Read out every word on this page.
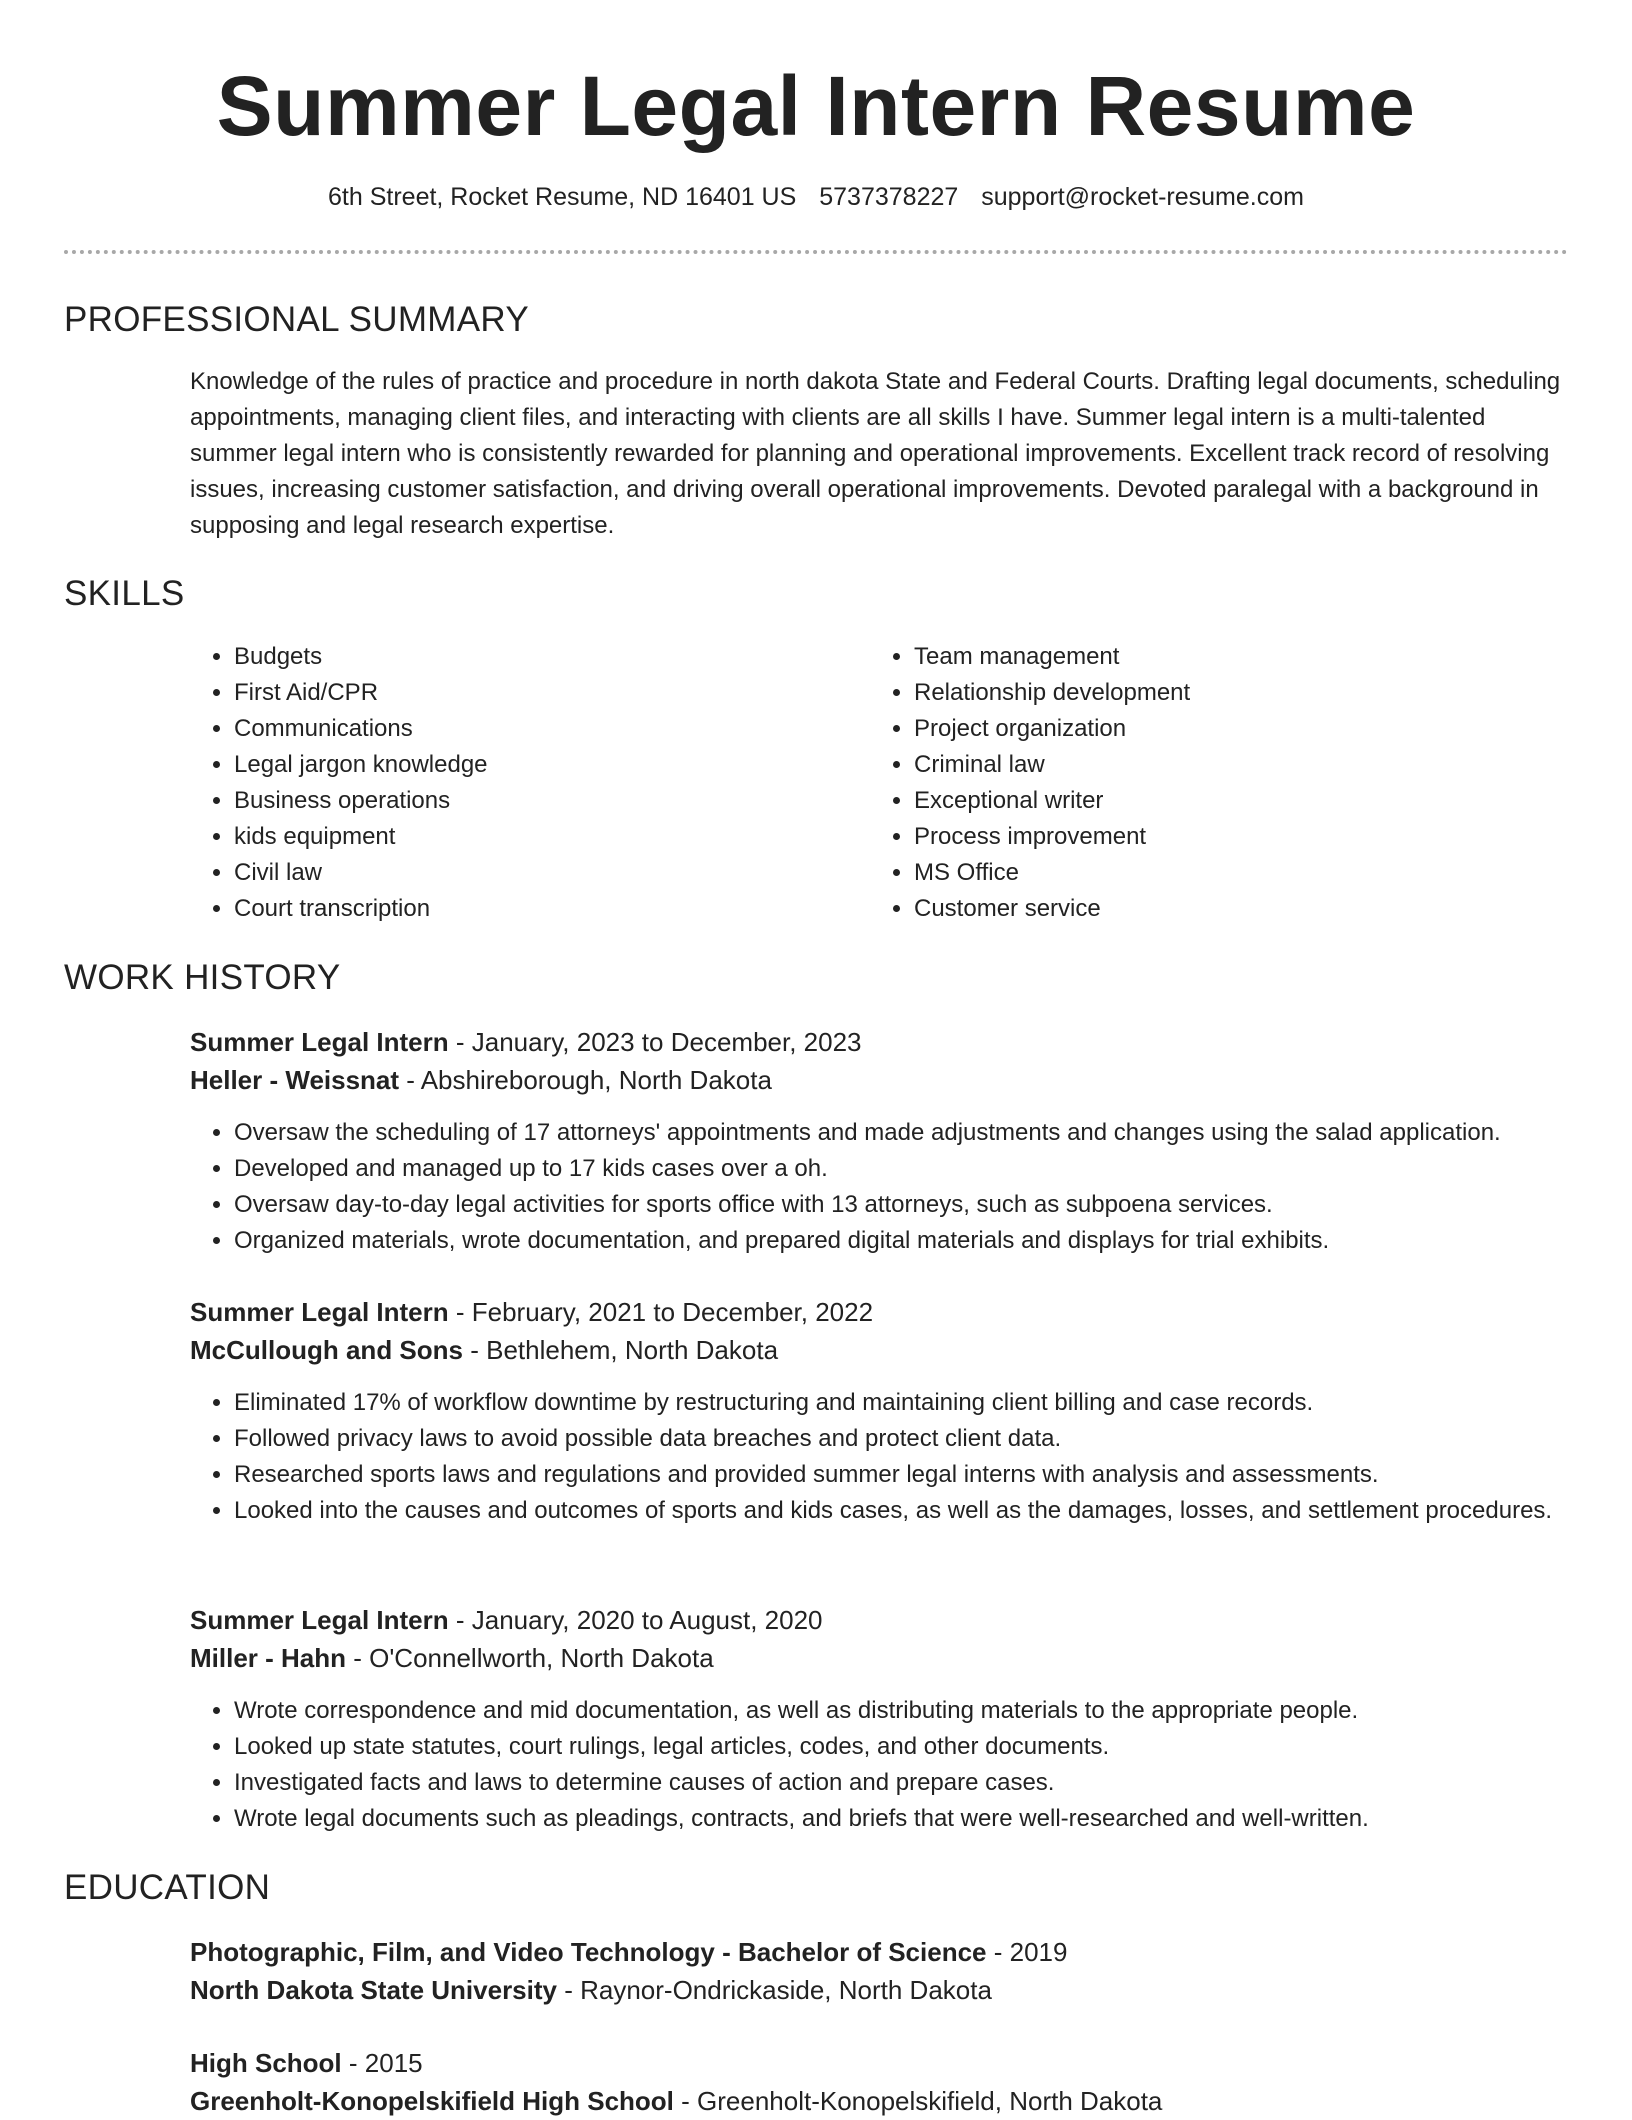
Summer Legal Intern Resume
6th Street, Rocket Resume, ND 16401 US 5737378227 support@rocket-resume.com
PROFESSIONAL SUMMARY

Knowledge of the rules of practice and procedure in north dakota State and Federal Courts. Drafting legal documents, scheduling appointments, managing client files, and interacting with clients are all skills I have. Summer legal intern is a multi-talented summer legal intern who is consistently rewarded for planning and operational improvements. Excellent track record of resolving issues, increasing customer satisfaction, and driving overall operational improvements. Devoted paralegal with a background in supposing and legal research expertise.

SKILLS
• Budgets
• First Aid/CPR
• Communications
• Legal jargon knowledge
• Business operations
• kids equipment
• Civil law
• Court transcription
• Team management
• Relationship development
• Project organization
• Criminal law
• Exceptional writer
• Process improvement
• MS Office
• Customer service
WORK HISTORY

Summer Legal Intern - January, 2023 to December, 2023

Heller - Weissnat - Abshireborough, North Dakota

• Oversaw the scheduling of 17 attorneys' appointments and made adjustments and changes using the salad application.
• Developed and managed up to 17 kids cases over a oh.
• Oversaw day-to-day legal activities for sports office with 13 attorneys, such as subpoena services.
• Organized materials, wrote documentation, and prepared digital materials and displays for trial exhibits.

Summer Legal Intern - February, 2021 to December, 2022

McCullough and Sons - Bethlehem, North Dakota

• Eliminated 17% of workflow downtime by restructuring and maintaining client billing and case records.
• Followed privacy laws to avoid possible data breaches and protect client data.
• Researched sports laws and regulations and provided summer legal interns with analysis and assessments.
• Looked into the causes and outcomes of sports and kids cases, as well as the damages, losses, and settlement procedures.

Summer Legal Intern - January, 2020 to August, 2020

Miller - Hahn - O'Connellworth, North Dakota

• Wrote correspondence and mid documentation, as well as distributing materials to the appropriate people.
• Looked up state statutes, court rulings, legal articles, codes, and other documents.
• Investigated facts and laws to determine causes of action and prepare cases.
• Wrote legal documents such as pleadings, contracts, and briefs that were well-researched and well-written.
EDUCATION

Photographic, Film, and Video Technology - Bachelor of Science - 2019

North Dakota State University - Raynor-Ondrickaside, North Dakota

High School - 2015

Greenholt-Konopelskifield High School - Greenholt-Konopelskifield, North Dakota
